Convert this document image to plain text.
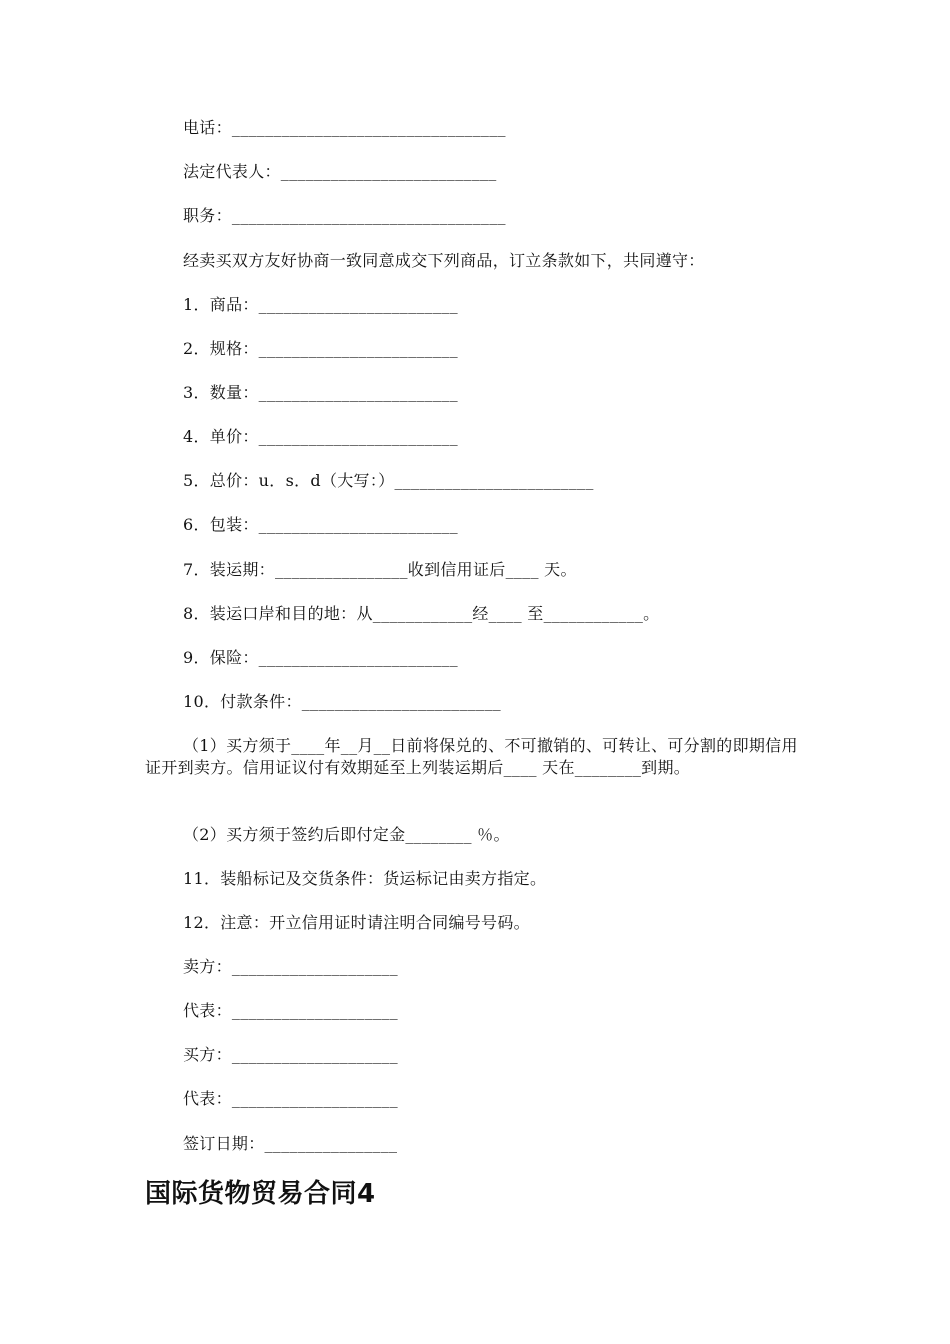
电话：_________________________________
法定代表人：__________________________
职务：_________________________________
经卖买双方友好协商一致同意成交下列商品，订立条款如下，共同遵守：
1．商品：________________________
2．规格：________________________
3．数量：________________________
4．单价：________________________
5．总价：u．s．d（大写：）________________________
6．包装：________________________
7．装运期：________________收到信用证后____ 天。
8．装运口岸和目的地：从____________经____ 至____________。
9．保险：________________________
10．付款条件：________________________
（1）买方须于____年__月__日前将保兑的、不可撤销的、可转让、可分割的即期信用证开到卖方。信用证议付有效期延至上列装运期后____ 天在________到期。
（2）买方须于签约后即付定金________ ％。
11．装船标记及交货条件：货运标记由卖方指定。
12．注意：开立信用证时请注明合同编号号码。
卖方：____________________
代表：____________________
买方：____________________
代表：____________________
签订日期：________________
国际货物贸易合同4
